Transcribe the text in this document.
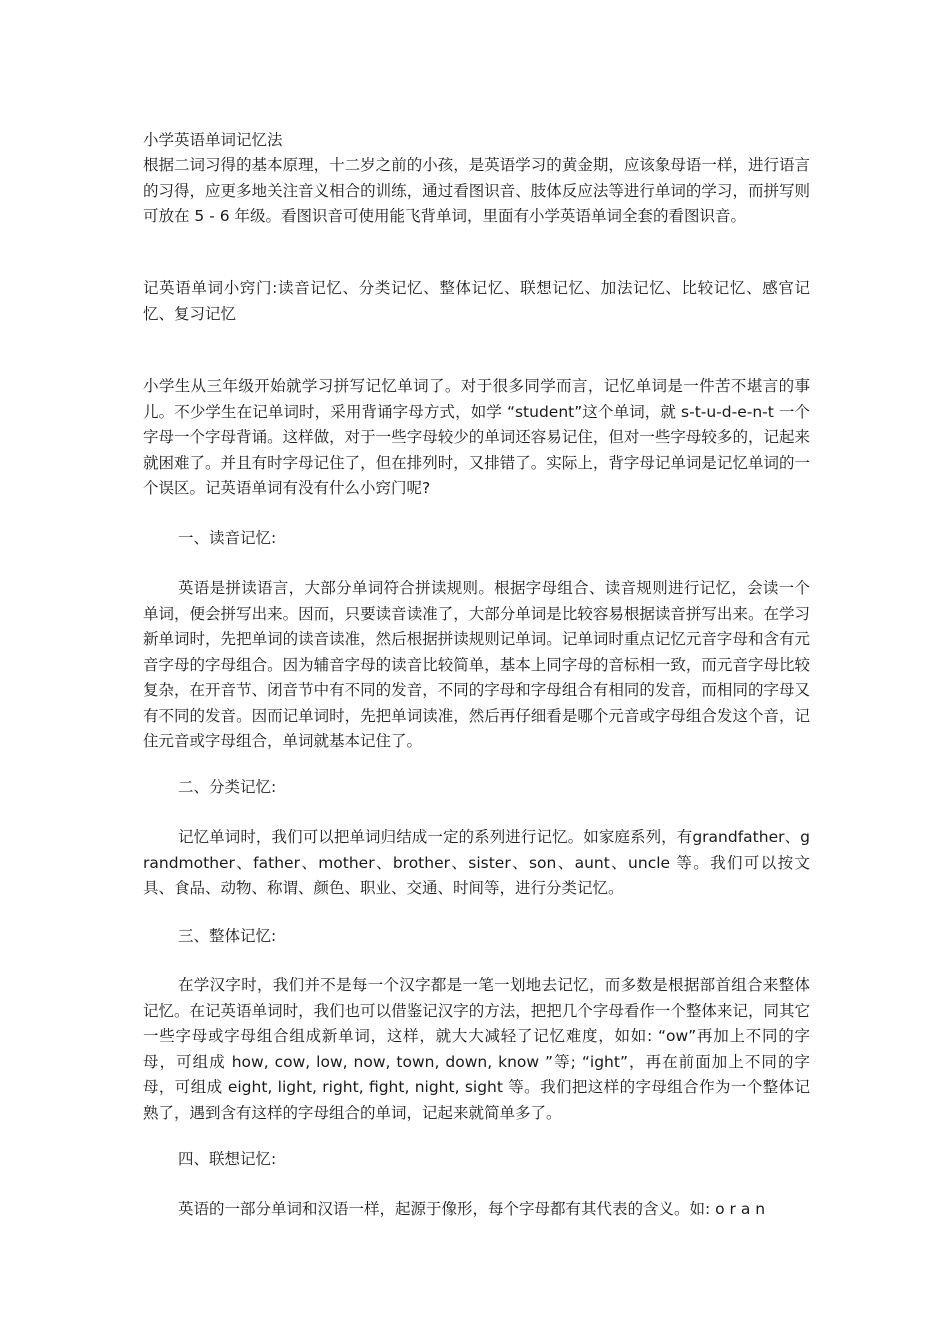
小学英语单词记忆法
根据二词习得的基本原理，十二岁之前的小孩，是英语学习的黄金期，应该象母语一样，进行语言的习得，应更多地关注音义相合的训练，通过看图识音、肢体反应法等进行单词的学习，而拼写则可放在 5 - 6 年级。看图识音可使用能飞背单词，里面有小学英语单词全套的看图识音。
记英语单词小窍门:读音记忆、分类记忆、整体记忆、联想记忆、加法记忆、比较记忆、感官记忆、复习记忆
小学生从三年级开始就学习拼写记忆单词了。对于很多同学而言，记忆单词是一件苦不堪言的事儿。不少学生在记单词时，采用背诵字母方式，如学 “student”这个单词，就 s-t-u-d-e-n-t 一个字母一个字母背诵。这样做，对于一些字母较少的单词还容易记住，但对一些字母较多的，记起来就困难了。并且有时字母记住了，但在排列时，又排错了。实际上，背字母记单词是记忆单词的一个误区。记英语单词有没有什么小窍门呢?
一、读音记忆:
英语是拼读语言，大部分单词符合拼读规则。根据字母组合、读音规则进行记忆，会读一个单词，便会拼写出来。因而，只要读音读准了，大部分单词是比较容易根据读音拼写出来。在学习新单词时，先把单词的读音读准，然后根据拼读规则记单词。记单词时重点记忆元音字母和含有元音字母的字母组合。因为辅音字母的读音比较简单，基本上同字母的音标相一致，而元音字母比较复杂，在开音节、闭音节中有不同的发音，不同的字母和字母组合有相同的发音，而相同的字母又有不同的发音。因而记单词时，先把单词读准，然后再仔细看是哪个元音或字母组合发这个音，记住元音或字母组合，单词就基本记住了。
二、分类记忆:
记忆单词时，我们可以把单词归结成一定的系列进行记忆。如家庭系列，有grandfather、grandmother、father、mother、brother、sister、son、aunt、uncle 等。我们可以按文具、食品、动物、称谓、颜色、职业、交通、时间等，进行分类记忆。
三、整体记忆:
在学汉字时，我们并不是每一个汉字都是一笔一划地去记忆，而多数是根据部首组合来整体记忆。在记英语单词时，我们也可以借鉴记汉字的方法，把把几个字母看作一个整体来记，同其它一些字母或字母组合组成新单词，这样，就大大减轻了记忆难度，如如: “ow”再加上不同的字母，可组成 how, cow, low, now, town, down, know ”等; “ight”，再在前面加上不同的字母，可组成 eight, light, right, fight, night, sight 等。我们把这样的字母组合作为一个整体记熟了，遇到含有这样的字母组合的单词，记起来就简单多了。
四、联想记忆:
英语的一部分单词和汉语一样，起源于像形，每个字母都有其代表的含义。如: o r a n
